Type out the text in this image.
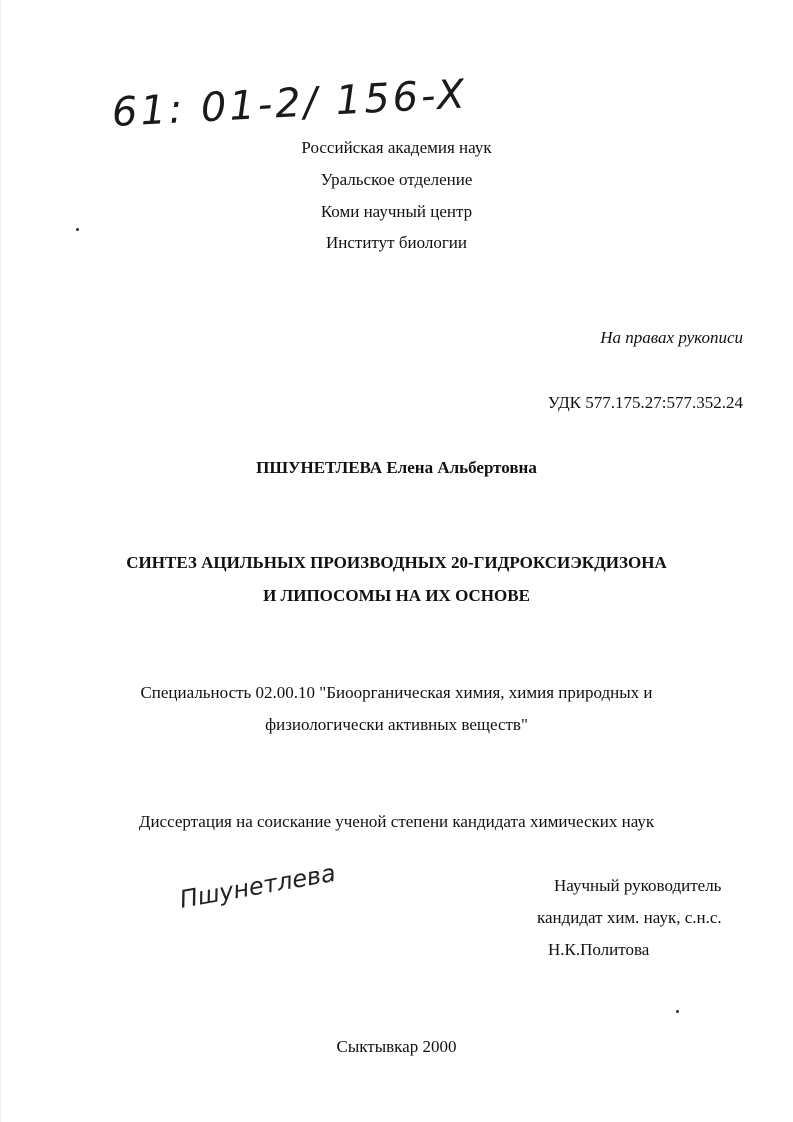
61: 01-2/ 156-X
Российская академия наук
Уральское отделение
Коми научный центр
Институт биологии
На правах рукописи
УДК 577.175.27:577.352.24
ПШУНЕТЛЕВА Елена Альбертовна
СИНТЕЗ АЦИЛЬНЫХ ПРОИЗВОДНЫХ 20-ГИДРОКСИЭКДИЗОНА
И ЛИПОСОМЫ НА ИХ ОСНОВЕ
Специальность 02.00.10 "Биоорганическая химия, химия природных и
физиологически активных веществ"
Диссертация на соискание ученой степени кандидата химических наук
Пшунетлева	Научный руководитель
кандидат хим. наук, с.н.с.
Н.К.Политова
Сыктывкар 2000
